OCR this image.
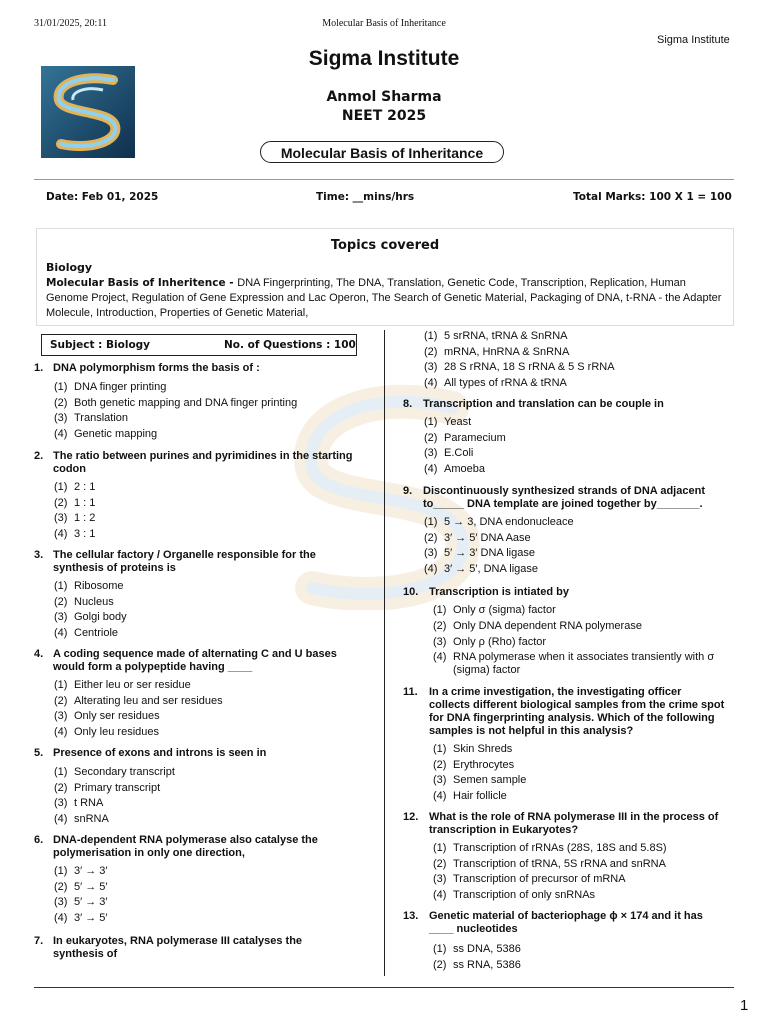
31/01/2025, 20:11	Molecular Basis of Inheritance
Sigma Institute
Sigma Institute
Anmol Sharma
NEET 2025
Molecular Basis of Inheritance
Date: Feb 01, 2025	Time: __mins/hrs	Total Marks: 100 X 1 = 100
Topics covered
Biology
Molecular Basis of Inheritence - DNA Fingerprinting, The DNA, Translation, Genetic Code, Transcription, Replication, Human Genome Project, Regulation of Gene Expression and Lac Operon, The Search of Genetic Material, Packaging of DNA, t-RNA - the Adapter Molecule, Introduction, Properties of Genetic Material,
Subject : Biology	No. of Questions : 100
1. DNA polymorphism forms the basis of :
(1) DNA finger printing
(2) Both genetic mapping and DNA finger printing
(3) Translation
(4) Genetic mapping
2. The ratio between purines and pyrimidines in the starting codon
(1) 2 : 1
(2) 1 : 1
(3) 1 : 2
(4) 3 : 1
3. The cellular factory / Organelle responsible for the synthesis of proteins is
(1) Ribosome
(2) Nucleus
(3) Golgi body
(4) Centriole
4. A coding sequence made of alternating C and U bases would form a polypeptide having ____
(1) Either leu or ser residue
(2) Alterating leu and ser residues
(3) Only ser residues
(4) Only leu residues
5. Presence of exons and introns is seen in
(1) Secondary transcript
(2) Primary transcript
(3) t RNA
(4) snRNA
6. DNA-dependent RNA polymerase also catalyse the polymerisation in only one direction,
(1) 3′ → 3′
(2) 5′ → 5′
(3) 5′ → 3′
(4) 3′ → 5′
7. In eukaryotes, RNA polymerase III catalyses the synthesis of
(1) 5 srRNA, tRNA & SnRNA
(2) mRNA, HnRNA & SnRNA
(3) 28 S rRNA, 18 S rRNA & 5 S rRNA
(4) All types of rRNA & tRNA
8. Transcription and translation can be couple in
(1) Yeast
(2) Paramecium
(3) E.Coli
(4) Amoeba
9. Discontinuously synthesized strands of DNA adjacent to_____ DNA template are joined together by_______.
(1) 5 → 3, DNA endonucleace
(2) 3′ → 5′ DNA Aase
(3) 5′ → 3′ DNA ligase
(4) 3′ → 5′, DNA ligase
10. Transcription is intiated by
(1) Only σ (sigma) factor
(2) Only DNA dependent RNA polymerase
(3) Only ρ (Rho) factor
(4) RNA polymerase when it associates transiently with σ (sigma) factor
11. In a crime investigation, the investigating officer collects different biological samples from the crime spot for DNA fingerprinting analysis. Which of the following samples is not helpful in this analysis?
(1) Skin Shreds
(2) Erythrocytes
(3) Semen sample
(4) Hair follicle
12. What is the role of RNA polymerase III in the process of transcription in Eukaryotes?
(1) Transcription of rRNAs (28S, 18S and 5.8S)
(2) Transcription of tRNA, 5S rRNA and snRNA
(3) Transcription of precursor of mRNA
(4) Transcription of only snRNAs
13. Genetic material of bacteriophage ϕ × 174 and it has ____ nucleotides
(1) ss DNA, 5386
(2) ss RNA, 5386
1
